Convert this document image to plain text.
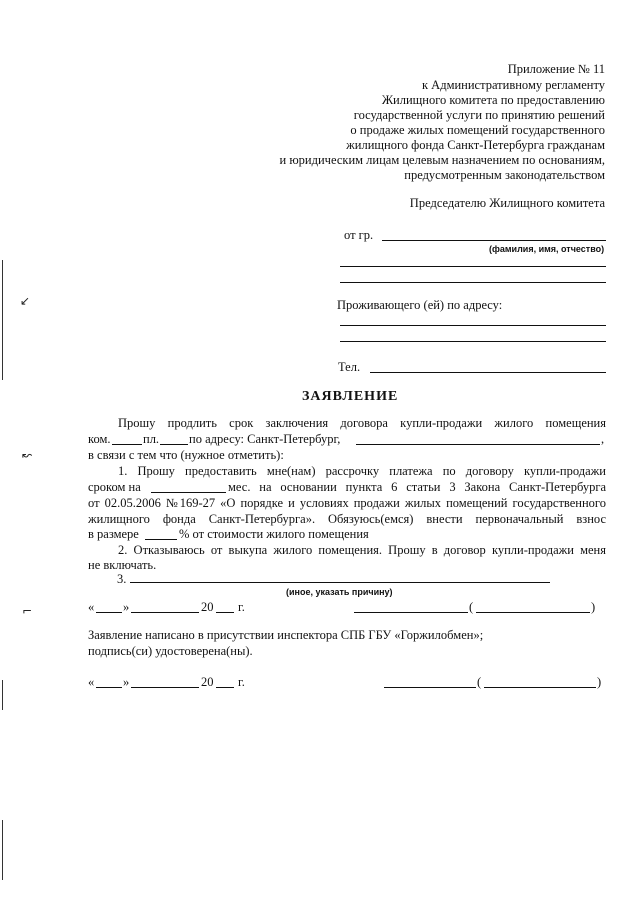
↙
↜
⌐
Приложение № 11
к Административному регламенту
Жилищного комитета по предоставлению
государственной услуги по принятию решений
о продаже жилых помещений государственного
жилищного фонда Санкт-Петербурга гражданам
и юридическим лицам целевым назначением по основаниям,
предусмотренным законодательством
Председателю Жилищного комитета
от гр.
(фамилия, имя, отчество)
Проживающего (ей) по адресу:
Тел.
ЗАЯВЛЕНИЕ
Прошу продлить срок заключения договора купли-продажи жилого помещения
ком.	пл. по адресу: Санкт-Петербург,	,
в связи с тем что (нужное отметить):
1. Прошу предоставить мне(нам) рассрочку платежа по договору купли-продажи
сроком на	мес. на основании пункта 6 статьи 3 Закона Санкт-Петербурга
от 02.05.2006 №169-27 «О порядке и условиях продажи жилых помещений государственного
жилищного фонда Санкт-Петербурга». Обязуюсь(емся) внести первоначальный взнос
в размере	% от стоимости жилого помещения
2. Отказываюсь от выкупа жилого помещения. Прошу в договор купли-продажи меня
не включать.
3.
(иное, указать причину)
« »	20 г.	(	)
Заявление написано в присутствии инспектора СПБ ГБУ «Горжилобмен»;
подпись(си) удостоверена(ны).
« »	20 г.	(	)
